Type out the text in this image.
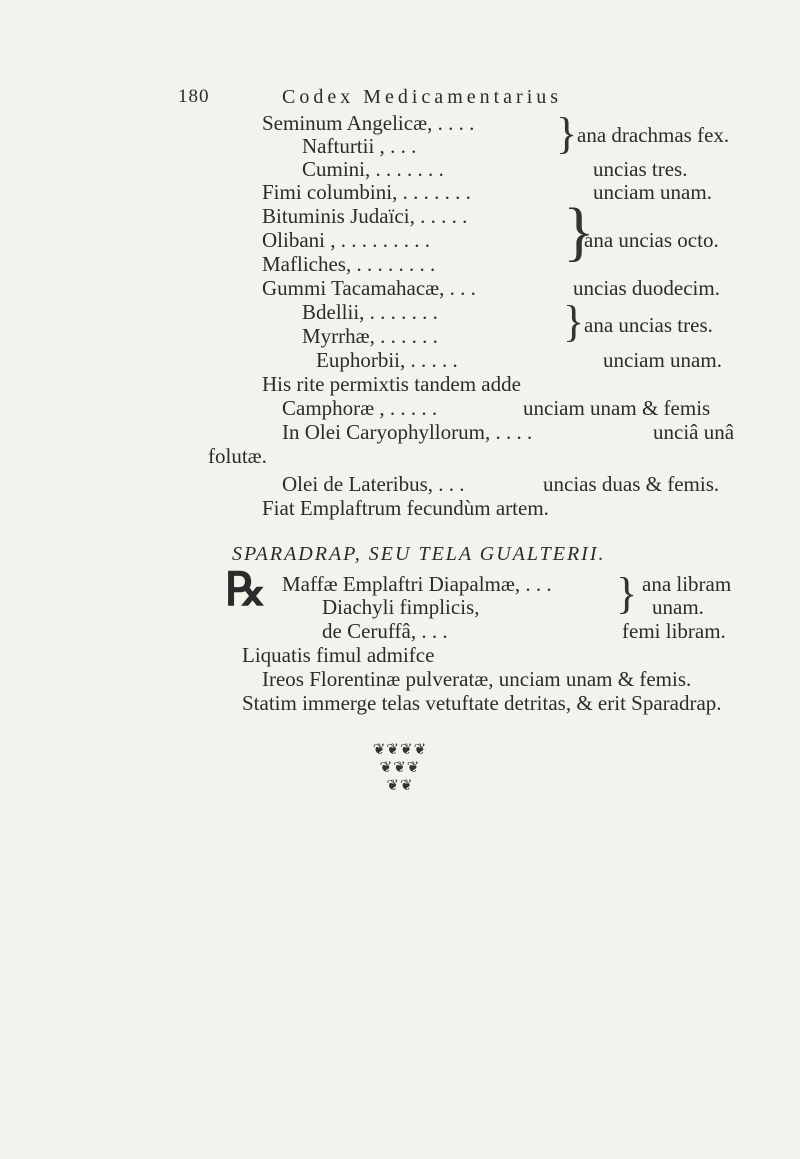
180	Codex Medicamentarius
Seminum Angelicæ, . . . .
Nafturtii , . . .	} ana drachmas fex.
Cumini, . . . . . . .	uncias tres.
Fimi columbini, . . . . . . .	unciam unam.
Bituminis Judaïci, . . . . .
Olibani , . . . . . . . . .
Mafliches, . . . . . . . . }
ana uncias octo.
Gummi Tacamahacæ, . . .	uncias duodecim.
Bdellii, . . . . . . .
Myrrhæ, . . . . . .	} ana uncias tres.
Euphorbii, . . . . .	unciam unam.
His rite permixtis tandem adde
Camphoræ , . . . . .	unciam unam & femis
In Olei Caryophyllorum, . . . .	unciâ unâ
folutæ.
Olei de Lateribus, . . .	uncias duas & femis.
Fiat Emplaftrum fecundùm artem.
SPARADRAP, SEU TELA GUALTERII.
℞ Maffæ Emplaftri Diapalmæ, . . .	ana libram
Diachyli fimplicis,	} unam.
de Ceruffâ, . . .	femi libram.
Liquatis fimul admifce
Ireos Florentinæ pulveratæ, unciam unam & femis.
Statim immerge telas vetuftate detritas, & erit Sparadrap.
❦❦❦❦
❦❦❦
❦❦
